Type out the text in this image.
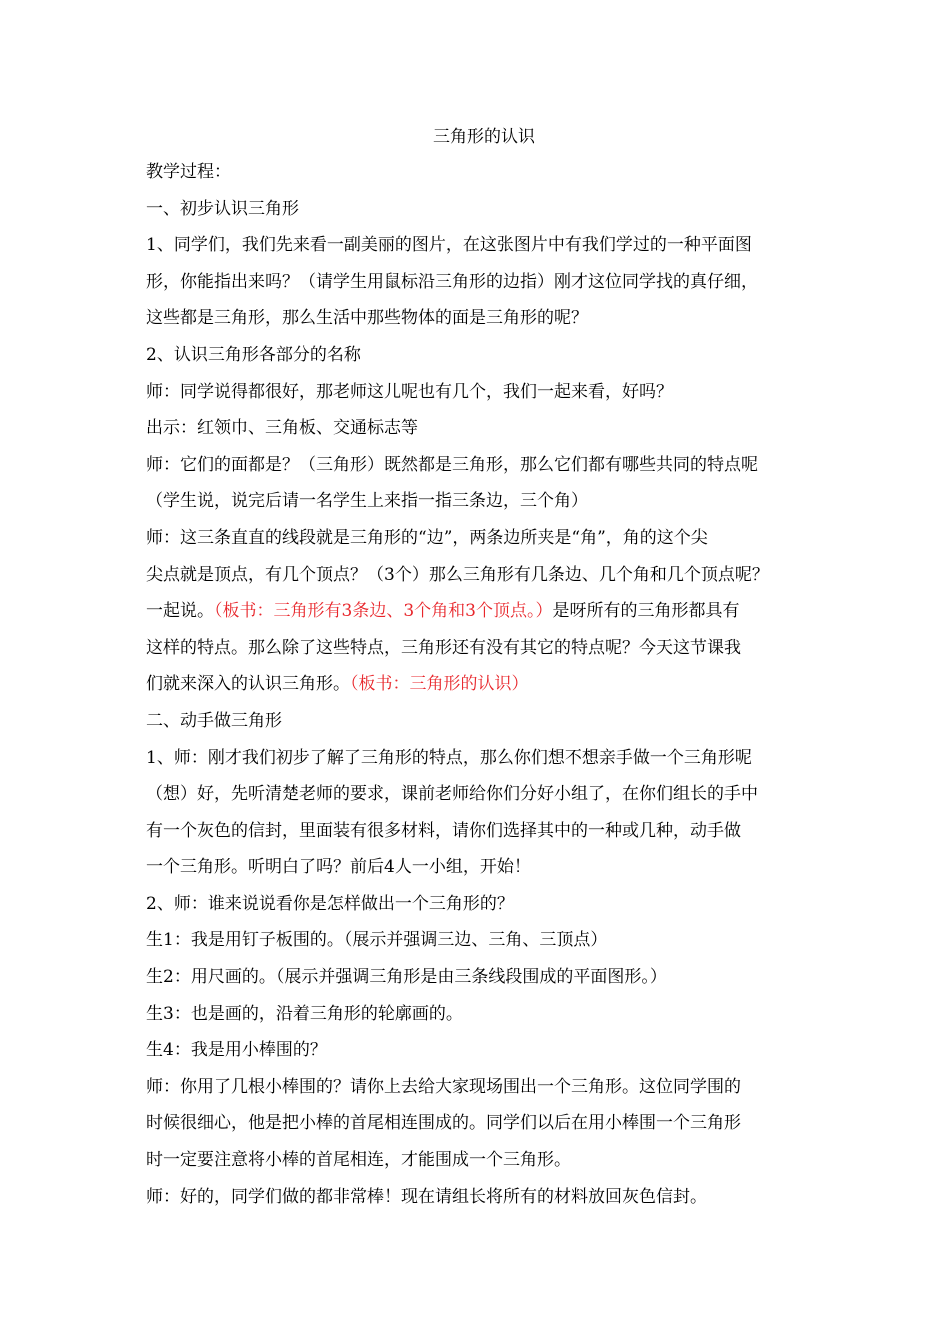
三角形的认识

教学过程：

一、初步认识三角形

1、同学们，我们先来看一副美丽的图片，在这张图片中有我们学过的一种平面图

形，你能指出来吗？（请学生用鼠标沿三角形的边指）刚才这位同学找的真仔细，

这些都是三角形，那么生活中那些物体的面是三角形的呢？

2、认识三角形各部分的名称

师：同学说得都很好，那老师这儿呢也有几个，我们一起来看，好吗？

出示：红领巾、三角板、交通标志等

师：它们的面都是？（三角形）既然都是三角形，那么它们都有哪些共同的特点呢

（学生说，说完后请一名学生上来指一指三条边，三个角）

师：这三条直直的线段就是三角形的“边”，两条边所夹是“角”，角的这个尖

尖点就是顶点，有几个顶点？（3个）那么三角形有几条边、几个角和几个顶点呢？

一起说。（板书：三角形有3条边、3个角和3个顶点。）是呀所有的三角形都具有

这样的特点。那么除了这些特点，三角形还有没有其它的特点呢？今天这节课我

们就来深入的认识三角形。（板书：三角形的认识）

二、动手做三角形

1、师：刚才我们初步了解了三角形的特点，那么你们想不想亲手做一个三角形呢

（想）好，先听清楚老师的要求，课前老师给你们分好小组了，在你们组长的手中

有一个灰色的信封，里面装有很多材料，请你们选择其中的一种或几种，动手做

一个三角形。听明白了吗？前后4人一小组，开始！

2、师：谁来说说看你是怎样做出一个三角形的？

生1：我是用钉子板围的。（展示并强调三边、三角、三顶点）

生2：用尺画的。（展示并强调三角形是由三条线段围成的平面图形。）

生3：也是画的，沿着三角形的轮廓画的。

生4：我是用小棒围的？

师：你用了几根小棒围的？请你上去给大家现场围出一个三角形。这位同学围的

时候很细心，他是把小棒的首尾相连围成的。同学们以后在用小棒围一个三角形

时一定要注意将小棒的首尾相连，才能围成一个三角形。

师：好的，同学们做的都非常棒！现在请组长将所有的材料放回灰色信封。
